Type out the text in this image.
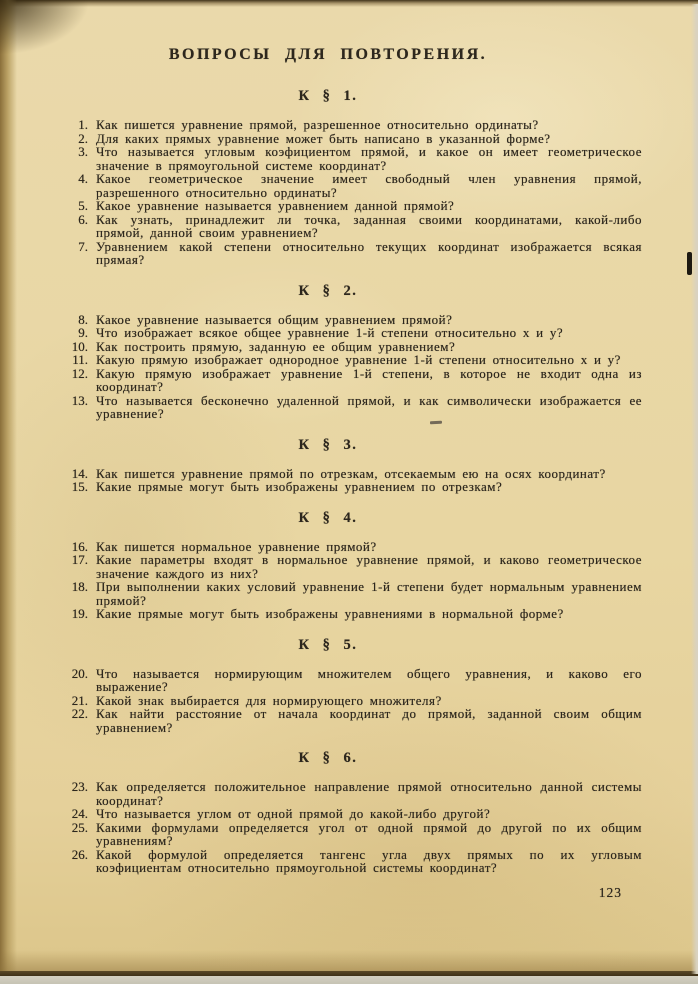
ВОПРОСЫ ДЛЯ ПОВТОРЕНИЯ.
К § 1.
1. Как пишется уравнение прямой, разрешенное относительно ординаты?
2. Для каких прямых уравнение может быть написано в указанной форме?
3. Что называется угловым коэфициентом прямой, и какое он имеет геометрическое значение в прямоугольной системе координат?
4. Какое геометрическое значение имеет свободный член уравнения прямой, разрешенного относительно ординаты?
5. Какое уравнение называется уравнением данной прямой?
6. Как узнать, принадлежит ли точка, заданная своими координатами, какой-либо прямой, данной своим уравнением?
7. Уравнением какой степени относительно текущих координат изображается всякая прямая?
К § 2.
8. Какое уравнение называется общим уравнением прямой?
9. Что изображает всякое общее уравнение 1-й степени относительно x и y?
10. Как построить прямую, заданную ее общим уравнением?
11. Какую прямую изображает однородное уравнение 1-й степени относительно x и y?
12. Какую прямую изображает уравнение 1-й степени, в которое не входит одна из координат?
13. Что называется бесконечно удаленной прямой, и как символически изображается ее уравнение?
К § 3.
14. Как пишется уравнение прямой по отрезкам, отсекаемым ею на осях координат?
15. Какие прямые могут быть изображены уравнением по отрезкам?
К § 4.
16. Как пишется нормальное уравнение прямой?
17. Какие параметры входят в нормальное уравнение прямой, и каково геометрическое значение каждого из них?
18. При выполнении каких условий уравнение 1-й степени будет нормальным уравнением прямой?
19. Какие прямые могут быть изображены уравнениями в нормальной форме?
К § 5.
20. Что называется нормирующим множителем общего уравнения, и каково его выражение?
21. Какой знак выбирается для нормирующего множителя?
22. Как найти расстояние от начала координат до прямой, заданной своим общим уравнением?
К § 6.
23. Как определяется положительное направление прямой относительно данной системы координат?
24. Что называется углом от одной прямой до какой-либо другой?
25. Какими формулами определяется угол от одной прямой до другой по их общим уравнениям?
26. Какой формулой определяется тангенс угла двух прямых по их угловым коэфициентам относительно прямоугольной системы координат?
123
